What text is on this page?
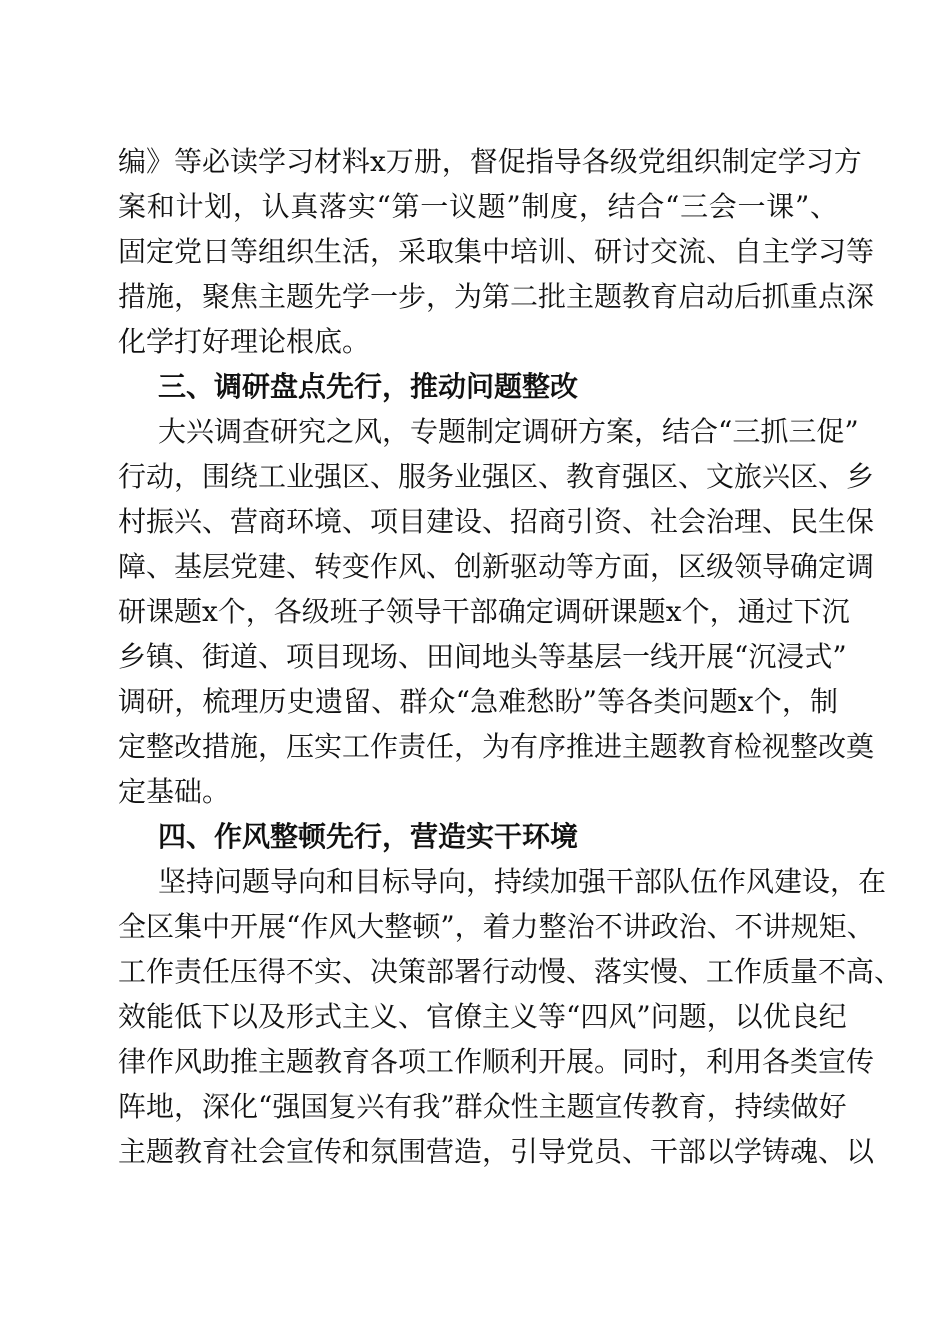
编》等必读学习材料x万册，督促指导各级党组织制定学习方
案和计划，认真落实“第一议题”制度，结合“三会一课”、
固定党日等组织生活，采取集中培训、研讨交流、自主学习等
措施，聚焦主题先学一步，为第二批主题教育启动后抓重点深
化学打好理论根底。
三、调研盘点先行，推动问题整改
大兴调查研究之风，专题制定调研方案，结合“三抓三促”
行动，围绕工业强区、服务业强区、教育强区、文旅兴区、乡
村振兴、营商环境、项目建设、招商引资、社会治理、民生保
障、基层党建、转变作风、创新驱动等方面，区级领导确定调
研课题x个，各级班子领导干部确定调研课题x个，通过下沉
乡镇、街道、项目现场、田间地头等基层一线开展“沉浸式”
调研，梳理历史遗留、群众“急难愁盼”等各类问题x个，制
定整改措施，压实工作责任，为有序推进主题教育检视整改奠
定基础。
四、作风整顿先行，营造实干环境
坚持问题导向和目标导向，持续加强干部队伍作风建设，在
全区集中开展“作风大整顿”，着力整治不讲政治、不讲规矩、
工作责任压得不实、决策部署行动慢、落实慢、工作质量不高、
效能低下以及形式主义、官僚主义等“四风”问题，以优良纪
律作风助推主题教育各项工作顺利开展。同时，利用各类宣传
阵地，深化“强国复兴有我”群众性主题宣传教育，持续做好
主题教育社会宣传和氛围营造，引导党员、干部以学铸魂、以
